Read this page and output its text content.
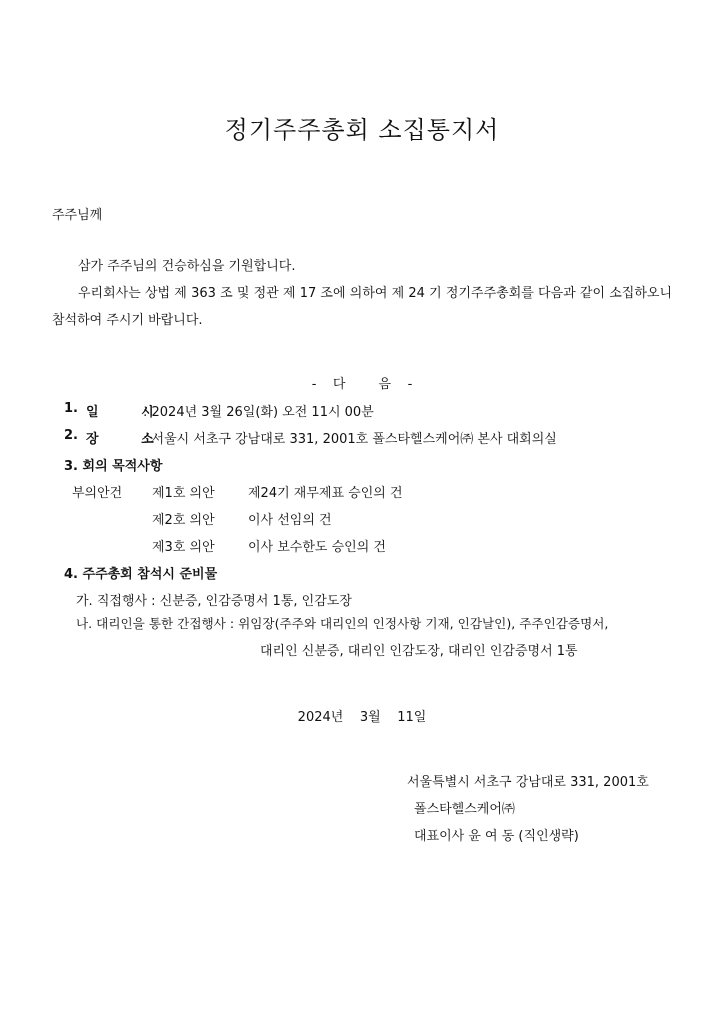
정기주주총회 소집통지서
주주님께
삼가 주주님의 건승하심을 기원합니다.
우리회사는 상법 제 363 조 및 정관 제 17 조에 의하여 제 24 기 정기주주총회를 다음과 같이 소집하오니 참석하여 주시기 바랍니다.
-    다        음    -
1. 일 시
: 2024년 3월 26일(화) 오전 11시 00분
2. 장 소
: 서울시 서초구 강남대로 331, 2001호 폴스타헬스케어㈜ 본사 대회의실
3. 회의 목적사항
부의안건 제1호 의안	제24기 재무제표 승인의 건
제2호 의안	이사 선임의 건
제3호 의안	이사 보수한도 승인의 건
4. 주주총회 참석시 준비물
가. 직접행사 : 신분증, 인감증명서 1통, 인감도장
나. 대리인을 통한 간접행사 : 위임장(주주와 대리인의 인정사항 기재, 인감날인), 주주인감증명서,
대리인 신분증, 대리인 인감도장, 대리인 인감증명서 1통
2024년    3월    11일
서울특별시 서초구 강남대로 331, 2001호
폴스타헬스케어㈜
대표이사 윤 여 동 (직인생략)
